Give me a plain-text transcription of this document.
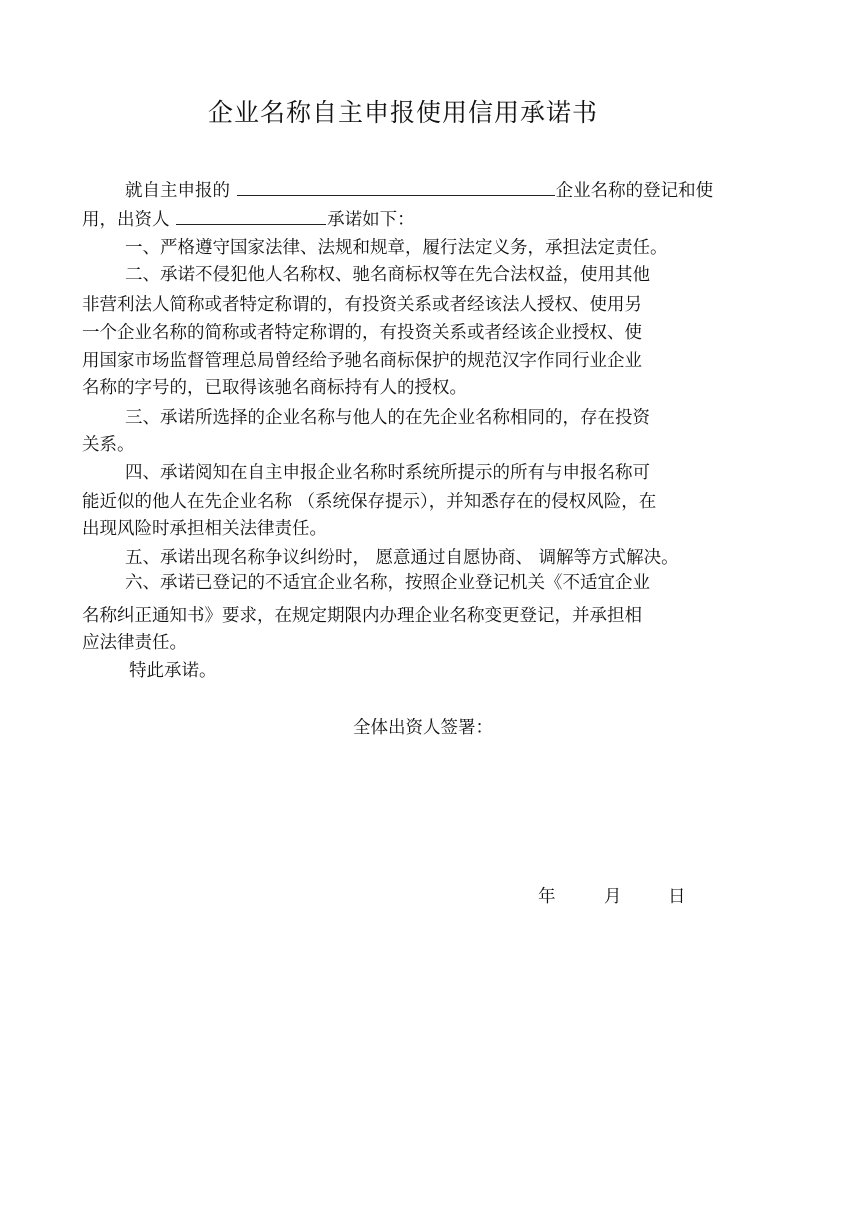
企业名称自主申报使用信用承诺书
就自主申报的	企业名称的登记和使
用，出资人	承诺如下：
一、严格遵守国家法律、法规和规章，履行法定义务，承担法定责任。
二、承诺不侵犯他人名称权、驰名商标权等在先合法权益，使用其他
非营利法人简称或者特定称谓的，有投资关系或者经该法人授权、使用另
一个企业名称的简称或者特定称谓的，有投资关系或者经该企业授权、使
用国家市场监督管理总局曾经给予驰名商标保护的规范汉字作同行业企业
名称的字号的，已取得该驰名商标持有人的授权。
三、承诺所选择的企业名称与他人的在先企业名称相同的，存在投资
关系。
四、承诺阅知在自主申报企业名称时系统所提示的所有与申报名称可
能近似的他人在先企业名称 （系统保存提示），并知悉存在的侵权风险，在
出现风险时承担相关法律责任。
五、承诺出现名称争议纠纷时， 愿意通过自愿协商、 调解等方式解决。
六、承诺已登记的不适宜企业名称，按照企业登记机关《不适宜企业
名称纠正通知书》要求，在规定期限内办理企业名称变更登记，并承担相
应法律责任。
特此承诺。
全体出资人签署：
年	月	日
